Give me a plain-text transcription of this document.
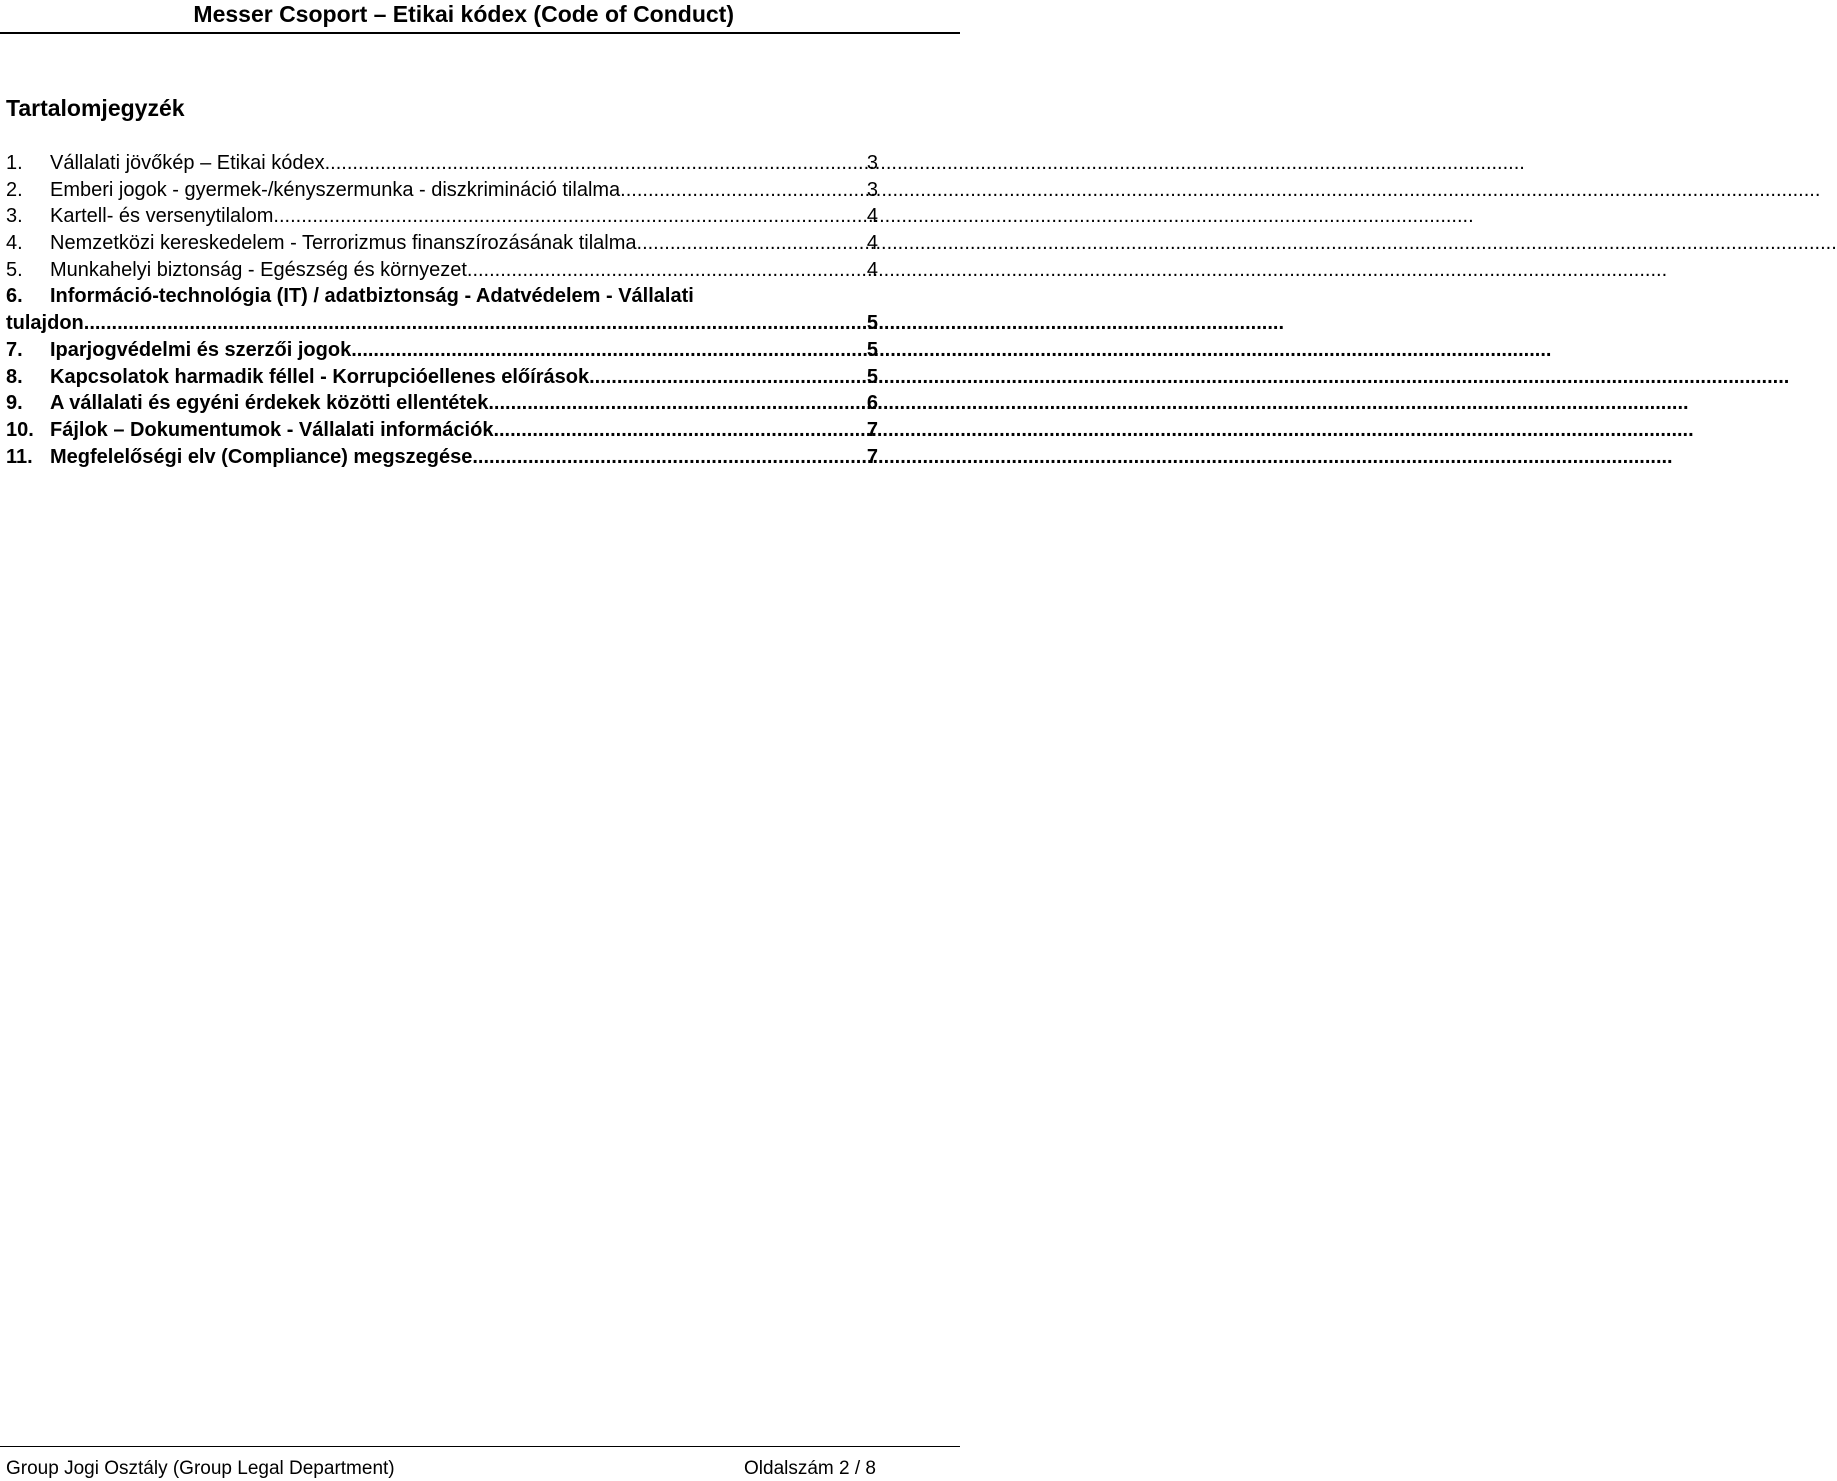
Messer Csoport – Etikai kódex (Code of Conduct)
Tartalomjegyzék
1.	Vállalati jövőkép – Etikai kódex .....	3
2.	Emberi jogok - gyermek-/kényszermunka - diszkrimináció tilalma .....	3
3.	Kartell- és versenytilalom .....	4
4.	Nemzetközi kereskedelem - Terrorizmus finanszírozásának tilalma .....	4
5.	Munkahelyi biztonság - Egészség és környezet .....	4
6.	Információ-technológia (IT) / adatbiztonság - Adatvédelem - Vállalati
tulajdon .....	5
7.	Iparjogvédelmi és szerzői jogok .....	5
8.	Kapcsolatok harmadik féllel - Korrupcióellenes előírások .....	5
9.	A vállalati és egyéni érdekek közötti ellentétek .....	6
10. Fájlok – Dokumentumok - Vállalati információk .....	7
11. Megfelelőségi elv (Compliance) megszegése .....	7
Group Jogi Osztály (Group Legal Department)	Oldalszám 2 / 8
